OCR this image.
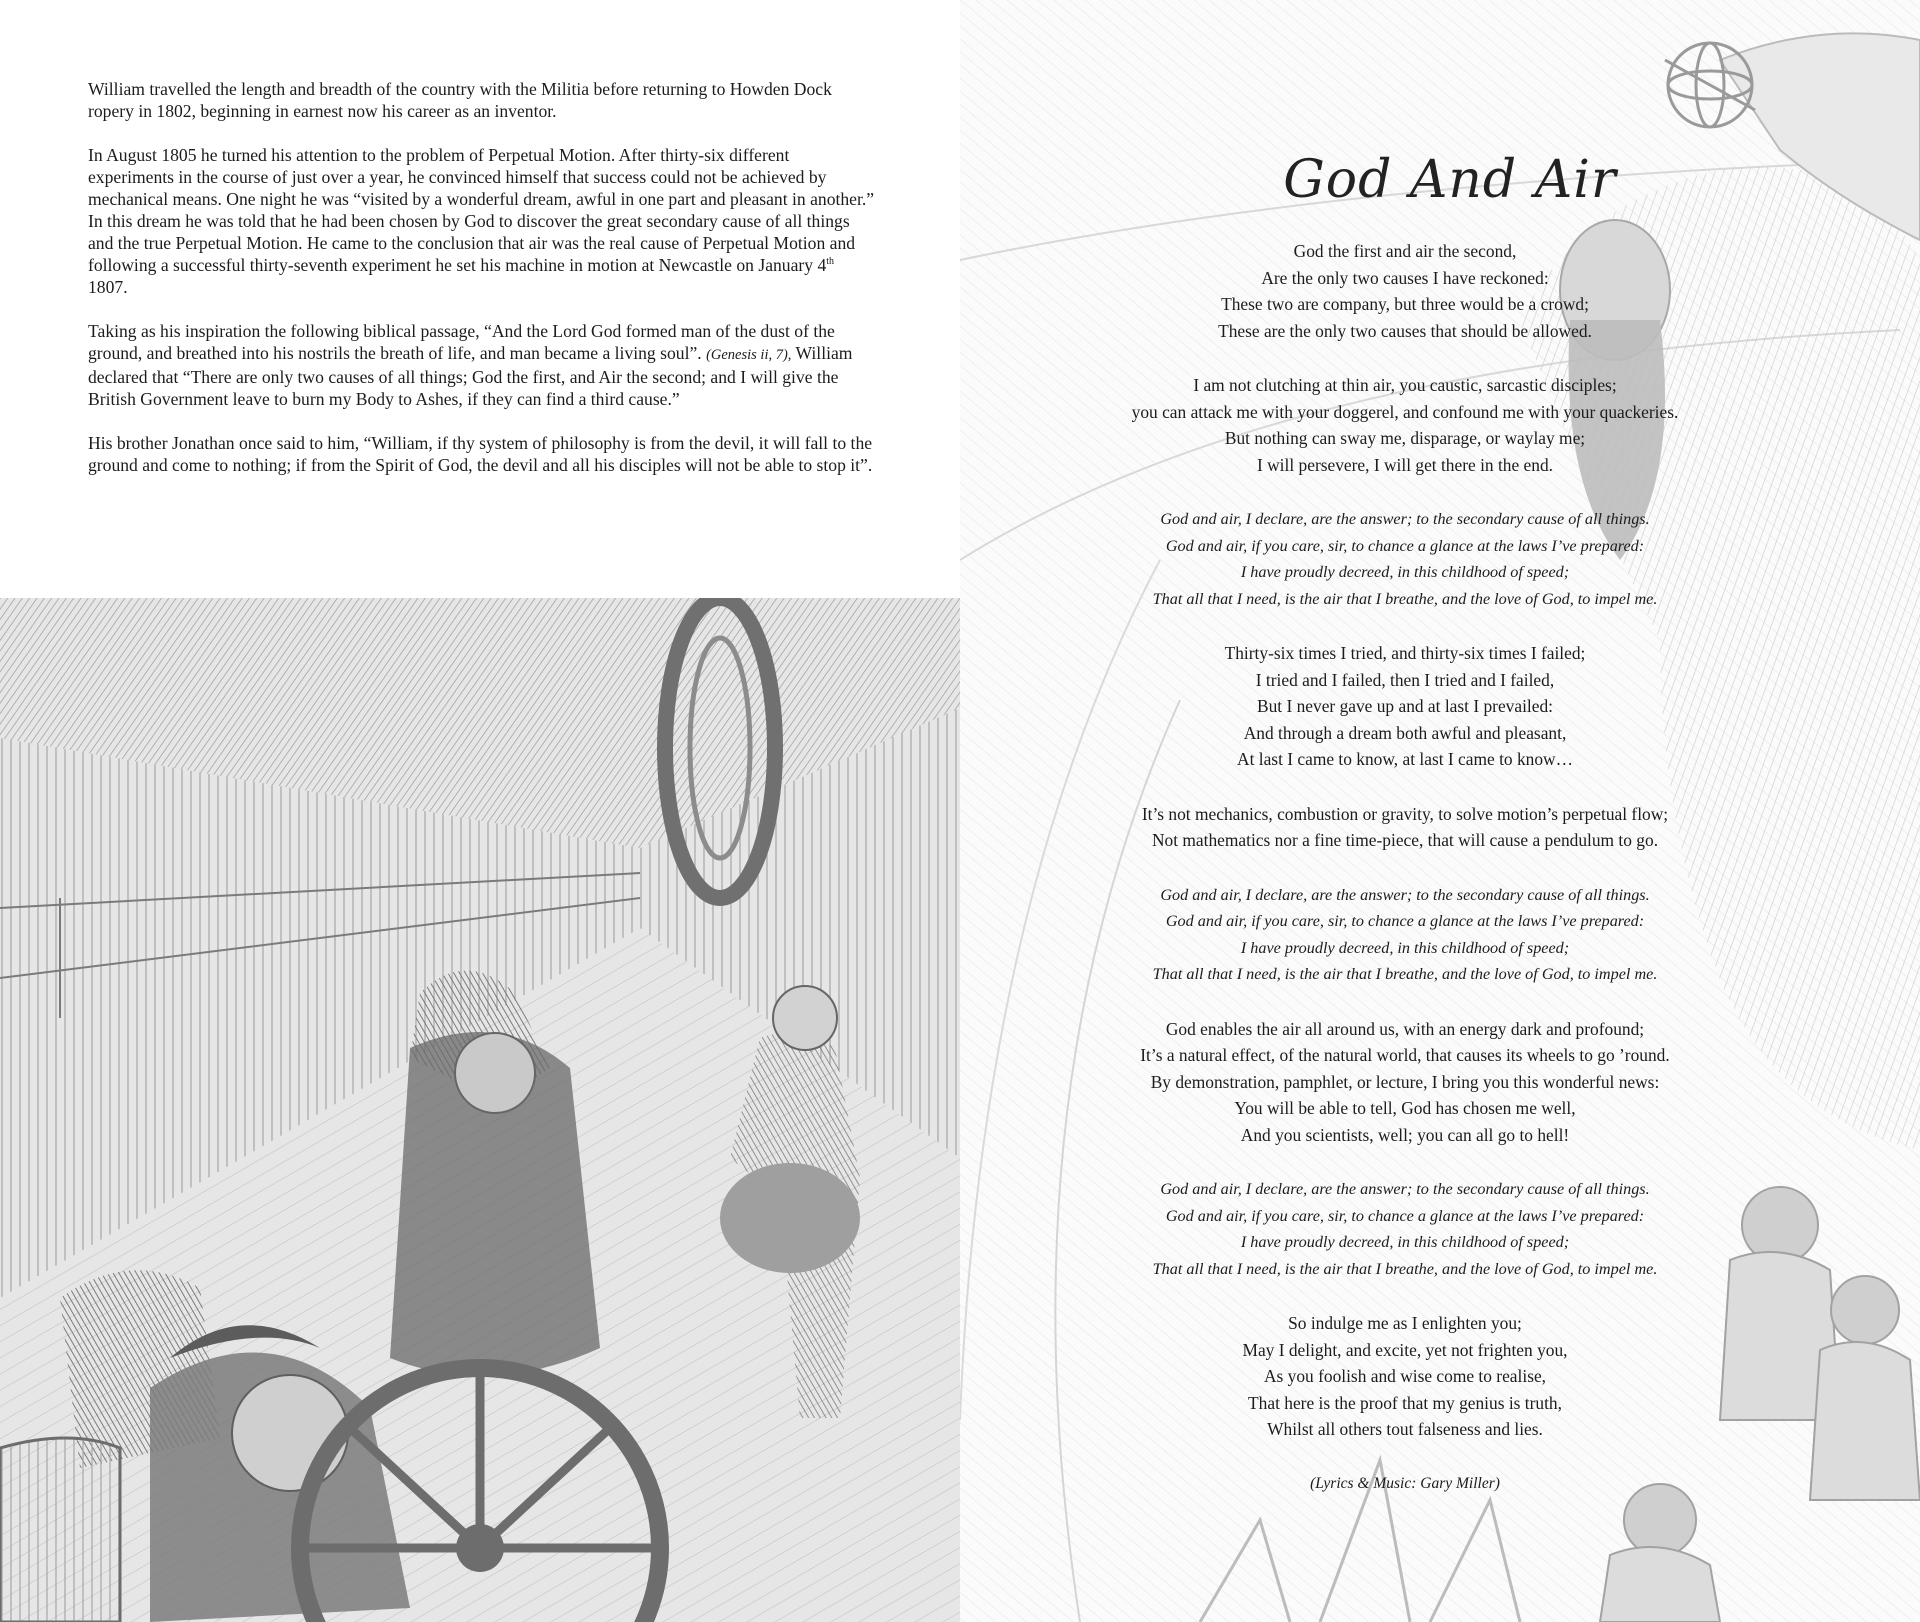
William travelled the length and breadth of the country with the Militia before returning to Howden Dock ropery in 1802, beginning in earnest now his career as an inventor.

In August 1805 he turned his attention to the problem of Perpetual Motion. After thirty-six different experiments in the course of just over a year, he convinced himself that success could not be achieved by mechanical means. One night he was “visited by a wonderful dream, awful in one part and pleasant in another.” In this dream he was told that he had been chosen by God to discover the great secondary cause of all things and the true Perpetual Motion. He came to the conclusion that air was the real cause of Perpetual Motion and following a successful thirty-seventh experiment he set his machine in motion at Newcastle on January 4th 1807.

Taking as his inspiration the following biblical passage, “And the Lord God formed man of the dust of the ground, and breathed into his nostrils the breath of life, and man became a living soul”. (Genesis ii, 7), William declared that “There are only two causes of all things; God the first, and Air the second; and I will give the British Government leave to burn my Body to Ashes, if they can find a third cause.”

His brother Jonathan once said to him, “William, if thy system of philosophy is from the devil, it will fall to the ground and come to nothing; if from the Spirit of God, the devil and all his disciples will not be able to stop it”.

God And Air
God the first and air the second,
Are the only two causes I have reckoned:
These two are company, but three would be a crowd;
These are the only two causes that should be allowed.
I am not clutching at thin air, you caustic, sarcastic disciples;
you can attack me with your doggerel, and confound me with your quackeries.
But nothing can sway me, disparage, or waylay me;
I will persevere, I will get there in the end.
God and air, I declare, are the answer; to the secondary cause of all things.
God and air, if you care, sir, to chance a glance at the laws I’ve prepared:
I have proudly decreed, in this childhood of speed;
That all that I need, is the air that I breathe, and the love of God, to impel me.
Thirty-six times I tried, and thirty-six times I failed;
I tried and I failed, then I tried and I failed,
But I never gave up and at last I prevailed:
And through a dream both awful and pleasant,
At last I came to know, at last I came to know…
It’s not mechanics, combustion or gravity, to solve motion’s perpetual flow;
Not mathematics nor a fine time-piece, that will cause a pendulum to go.
God and air, I declare, are the answer; to the secondary cause of all things.
God and air, if you care, sir, to chance a glance at the laws I’ve prepared:
I have proudly decreed, in this childhood of speed;
That all that I need, is the air that I breathe, and the love of God, to impel me.
God enables the air all around us, with an energy dark and profound;
It’s a natural effect, of the natural world, that causes its wheels to go ’round.
By demonstration, pamphlet, or lecture, I bring you this wonderful news:
You will be able to tell, God has chosen me well,
And you scientists, well; you can all go to hell!
God and air, I declare, are the answer; to the secondary cause of all things.
God and air, if you care, sir, to chance a glance at the laws I’ve prepared:
I have proudly decreed, in this childhood of speed;
That all that I need, is the air that I breathe, and the love of God, to impel me.
So indulge me as I enlighten you;
May I delight, and excite, yet not frighten you,
As you foolish and wise come to realise,
That here is the proof that my genius is truth,
Whilst all others tout falseness and lies.
(Lyrics & Music: Gary Miller)
